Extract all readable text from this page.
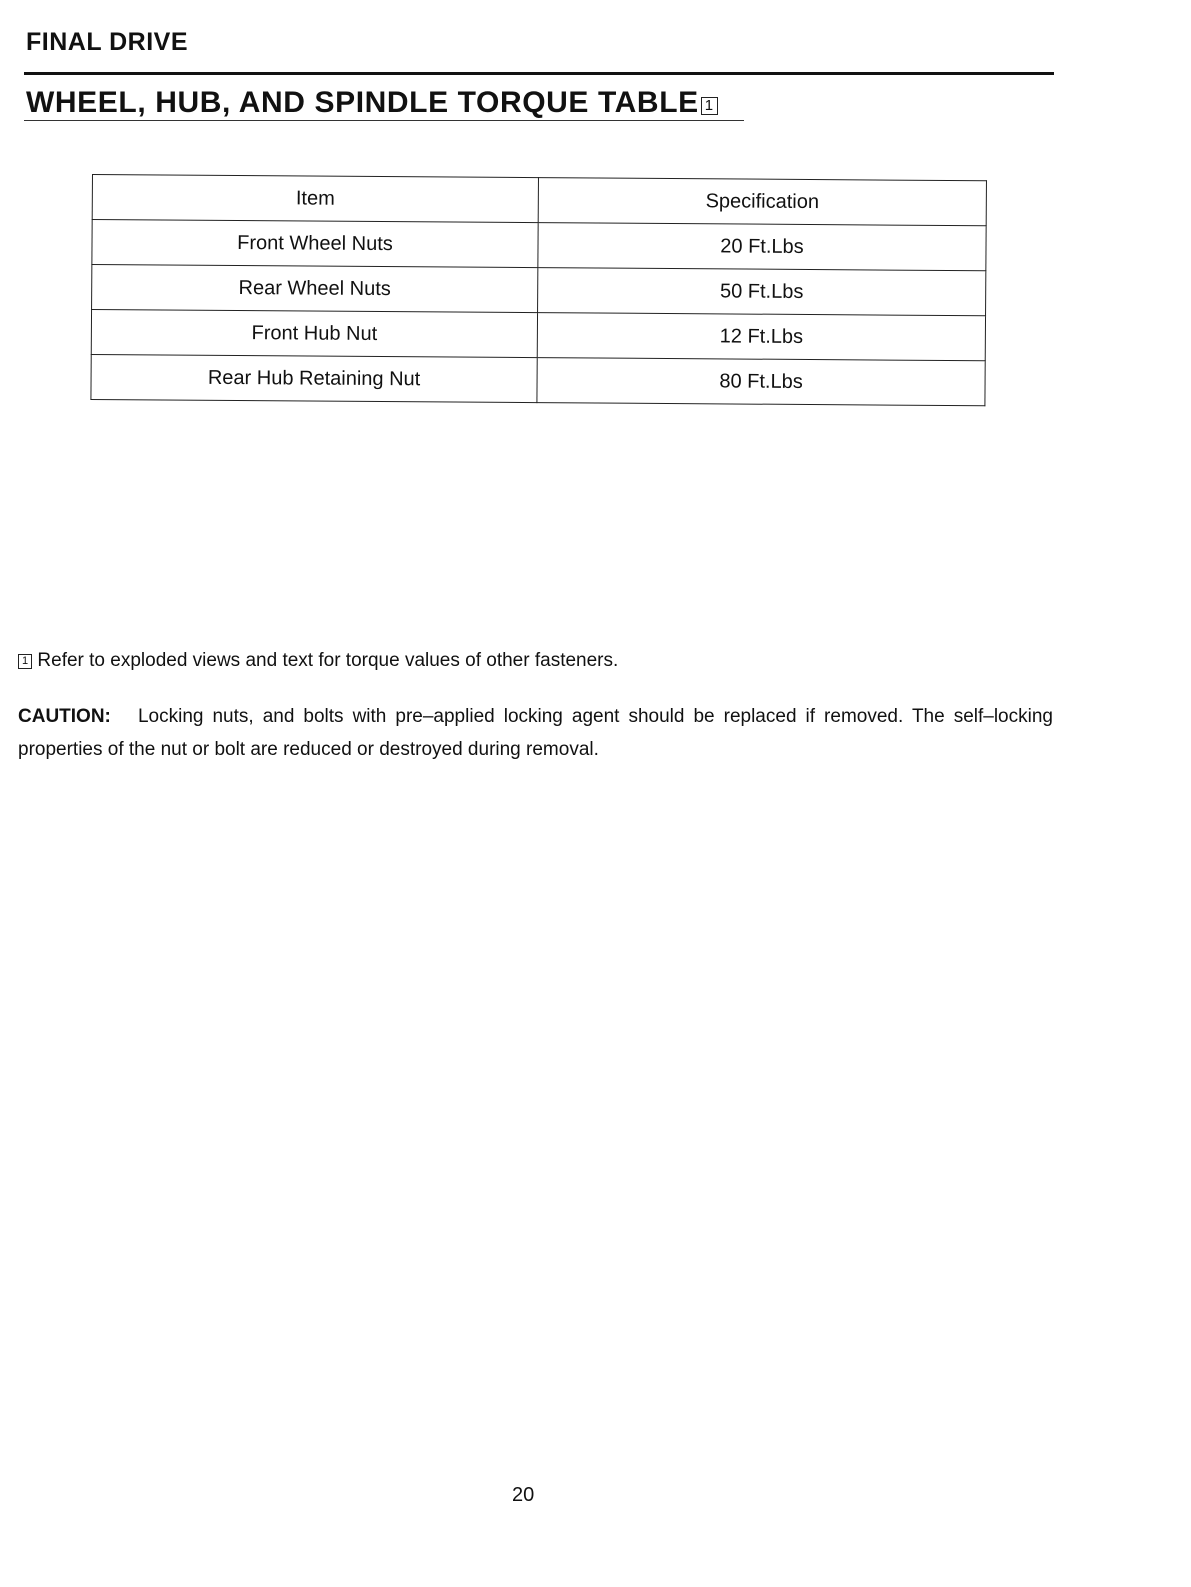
FINAL DRIVE
WHEEL, HUB, AND SPINDLE TORQUE TABLE 1
Item	Specification
Front Wheel Nuts	20 Ft.Lbs
Rear Wheel Nuts	50 Ft.Lbs
Front Hub Nut	12 Ft.Lbs
Rear Hub Retaining Nut	80 Ft.Lbs
1 Refer to exploded views and text for torque values of other fasteners.
CAUTION: Locking nuts, and bolts with pre–applied locking agent should be replaced if removed. The self–locking properties of the nut or bolt are reduced or destroyed during removal.
20
